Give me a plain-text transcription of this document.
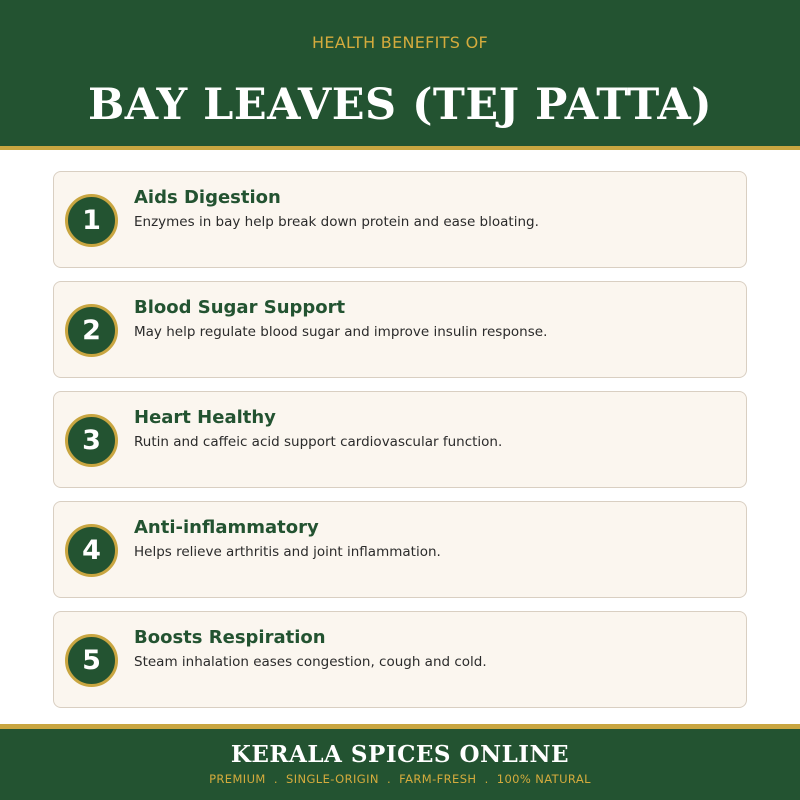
HEALTH BENEFITS OF
BAY LEAVES (TEJ PATTA)
1
Aids Digestion
Enzymes in bay help break down protein and ease bloating.
2
Blood Sugar Support
May help regulate blood sugar and improve insulin response.
3
Heart Healthy
Rutin and caffeic acid support cardiovascular function.
4
Anti-inflammatory
Helps relieve arthritis and joint inflammation.
5
Boosts Respiration
Steam inhalation eases congestion, cough and cold.
KERALA SPICES ONLINE
PREMIUM  .  SINGLE-ORIGIN  .  FARM-FRESH  .  100% NATURAL
